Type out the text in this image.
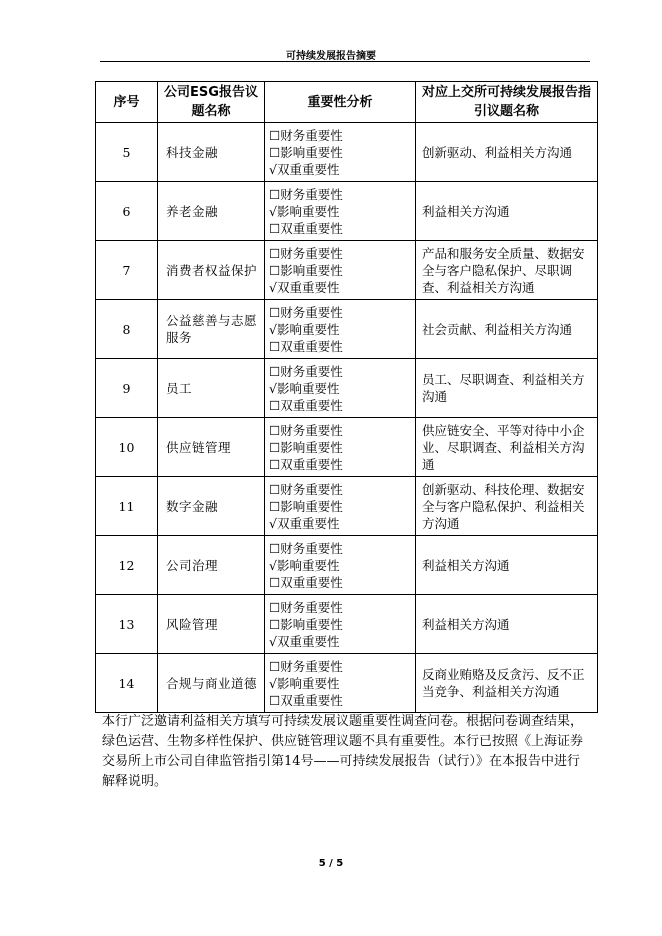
可持续发展报告摘要
序号	公司ESG报告议题名称	重要性分析	对应上交所可持续发展报告指引议题名称
5	科技金融	☐财务重要性
☐影响重要性
√双重重要性	创新驱动、利益相关方沟通
6	养老金融	☐财务重要性
√影响重要性
☐双重重要性	利益相关方沟通
7	消费者权益保护	☐财务重要性
☐影响重要性
√双重重要性	产品和服务安全质量、数据安全与客户隐私保护、尽职调查、利益相关方沟通
8	公益慈善与志愿服务	☐财务重要性
√影响重要性
☐双重重要性	社会贡献、利益相关方沟通
9	员工	☐财务重要性
√影响重要性
☐双重重要性	员工、尽职调查、利益相关方沟通
10	供应链管理	☐财务重要性
☐影响重要性
☐双重重要性	供应链安全、平等对待中小企业、尽职调查、利益相关方沟通
11	数字金融	☐财务重要性
☐影响重要性
√双重重要性	创新驱动、科技伦理、数据安全与客户隐私保护、利益相关方沟通
12	公司治理	☐财务重要性
√影响重要性
☐双重重要性	利益相关方沟通
13	风险管理	☐财务重要性
☐影响重要性
√双重重要性	利益相关方沟通
14	合规与商业道德	☐财务重要性
√影响重要性
☐双重重要性	反商业贿赂及反贪污、反不正当竞争、利益相关方沟通
本行广泛邀请利益相关方填写可持续发展议题重要性调查问卷。根据问卷调查结果，绿色运营、生物多样性保护、供应链管理议题不具有重要性。本行已按照《上海证券交易所上市公司自律监管指引第14号——可持续发展报告（试行）》在本报告中进行解释说明。
5 / 5
